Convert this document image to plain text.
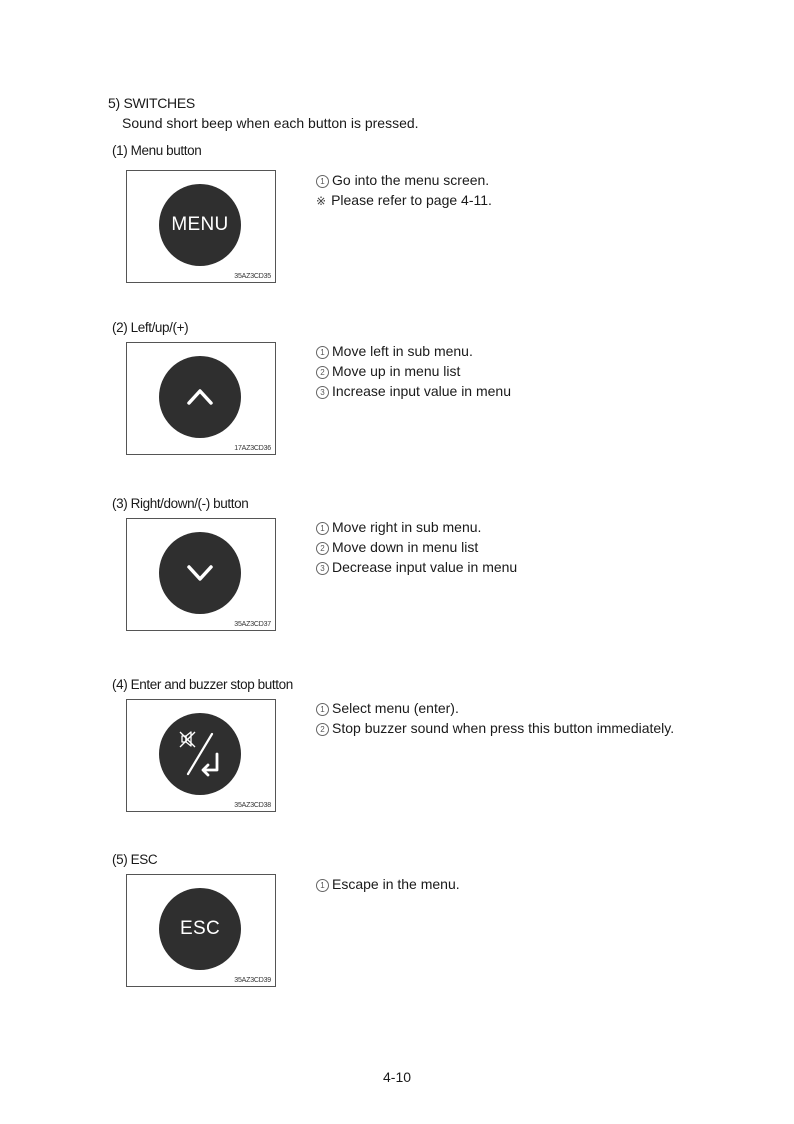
5) SWITCHES
Sound short beep when each button is pressed.
(1) Menu button
MENU
35AZ3CD35
1 Go into the menu screen.
※ Please refer to page 4-11.
(2) Left/up/(+)
17AZ3CD36
1 Move left in sub menu.
2 Move up in menu list
3 Increase input value in menu
(3) Right/down/(-) button
35AZ3CD37
1 Move right in sub menu.
2 Move down in menu list
3 Decrease input value in menu
(4) Enter and buzzer stop button
35AZ3CD38
1 Select menu (enter).
2 Stop buzzer sound when press this button immediately.
(5) ESC
ESC
35AZ3CD39
1 Escape in the menu.
4-10
